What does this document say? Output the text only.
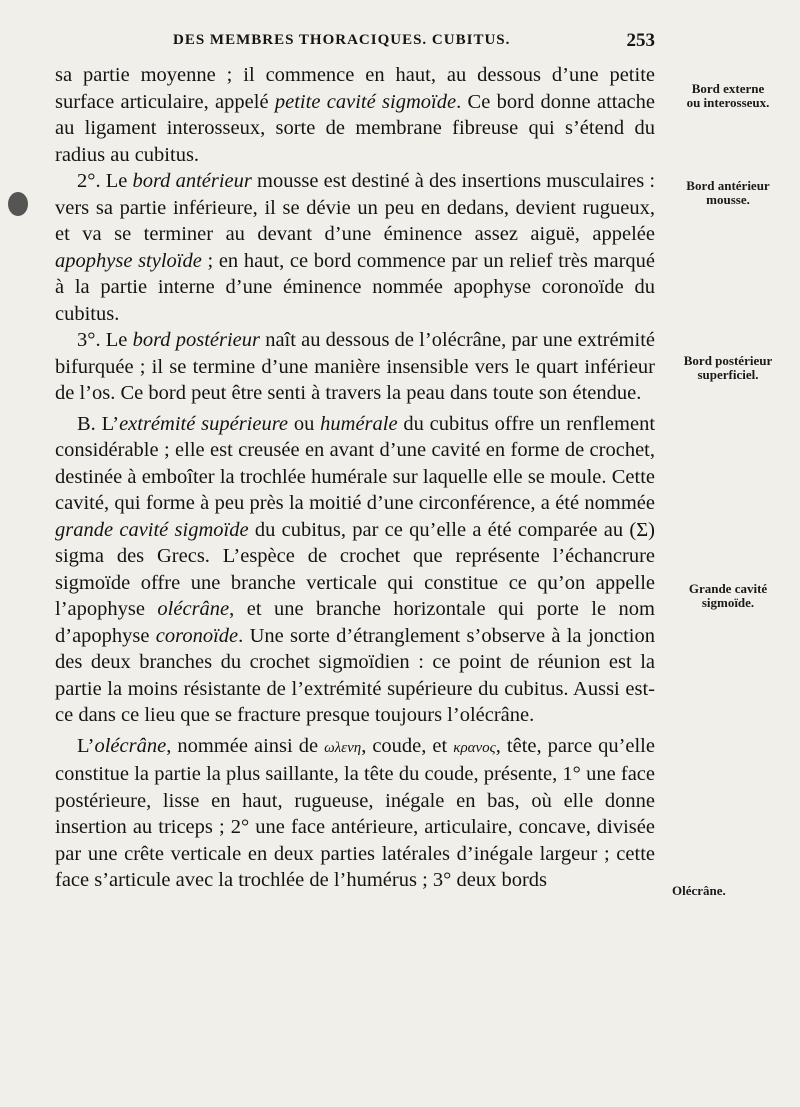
DES MEMBRES THORACIQUES. CUBITUS.	253

sa partie moyenne ; il commence en haut, au dessous d’une petite surface articulaire, appelé petite cavité sigmoïde. Ce bord donne attache au ligament interosseux, sorte de membrane fibreuse qui s’étend du radius au cubitus.

2°. Le bord antérieur mousse est destiné à des insertions musculaires : vers sa partie inférieure, il se dévie un peu en dedans, devient rugueux, et va se terminer au devant d’une éminence assez aiguë, appelée apophyse styloïde ; en haut, ce bord commence par un relief très marqué à la partie interne d’une éminence nommée apophyse coronoïde du cubitus.

3°. Le bord postérieur naît au dessous de l’olécrâne, par une extrémité bifurquée ; il se termine d’une manière insensible vers le quart inférieur de l’os. Ce bord peut être senti à travers la peau dans toute son étendue.

B. L’extrémité supérieure ou humérale du cubitus offre un renflement considérable ; elle est creusée en avant d’une cavité en forme de crochet, destinée à emboîter la trochlée humérale sur laquelle elle se moule. Cette cavité, qui forme à peu près la moitié d’une circonférence, a été nommée grande cavité sigmoïde du cubitus, par ce qu’elle a été comparée au (Σ) sigma des Grecs. L’espèce de crochet que représente l’échancrure sigmoïde offre une branche verticale qui constitue ce qu’on appelle l’apophyse olécrâne, et une branche horizontale qui porte le nom d’apophyse coronoïde. Une sorte d’étranglement s’observe à la jonction des deux branches du crochet sigmoïdien : ce point de réunion est la partie la moins résistante de l’extrémité supérieure du cubitus. Aussi est-ce dans ce lieu que se fracture presque toujours l’olécrâne.

L’olécrâne, nommée ainsi de ωλενη, coude, et κρανος, tête, parce qu’elle constitue la partie la plus saillante, la tête du coude, présente, 1° une face postérieure, lisse en haut, rugueuse, inégale en bas, où elle donne insertion au triceps ; 2° une face antérieure, articulaire, concave, divisée par une crête verticale en deux parties latérales d’inégale largeur ; cette face s’articule avec la trochlée de l’humérus ; 3° deux bords

Bord externe
ou interosseux.
Bord antérieur
mousse.
Bord postérieur
superficiel.
Grande cavité
sigmoïde.
Olécrâne.
